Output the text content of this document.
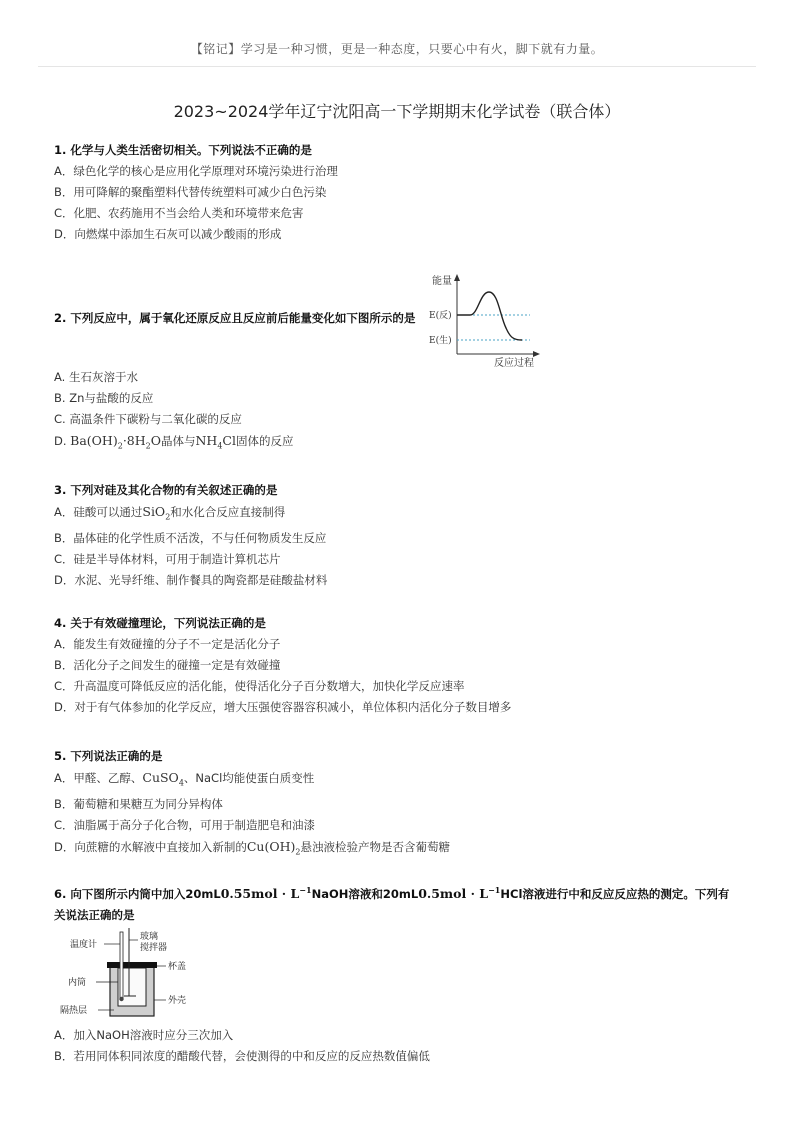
【铭记】学习是一种习惯，更是一种态度，只要心中有火，脚下就有力量。
2023~2024学年辽宁沈阳高一下学期期末化学试卷（联合体）
1. 化学与人类生活密切相关。下列说法不正确的是
A．绿色化学的核心是应用化学原理对环境污染进行治理
B．用可降解的聚酯塑料代替传统塑料可减少白色污染
C．化肥、农药施用不当会给人类和环境带来危害
D．向燃煤中添加生石灰可以减少酸雨的形成
2. 下列反应中，属于氧化还原反应且反应前后能量变化如下图所示的是
能量
E(反)
E(生)
反应过程
A. 生石灰溶于水
B. Zn与盐酸的反应
C. 高温条件下碳粉与二氧化碳的反应
D. $Ba(OH)_2\cdot 8H_2O$晶体与$NH_4Cl$固体的反应
3. 下列对硅及其化合物的有关叙述正确的是
A．硅酸可以通过SiO$_2$和水化合反应直接制得
B．晶体硅的化学性质不活泼，不与任何物质发生反应
C．硅是半导体材料，可用于制造计算机芯片
D．水泥、光导纤维、制作餐具的陶瓷都是硅酸盐材料
4. 关于有效碰撞理论，下列说法正确的是
A．能发生有效碰撞的分子不一定是活化分子
B．活化分子之间发生的碰撞一定是有效碰撞
C．升高温度可降低反应的活化能，使得活化分子百分数增大，加快化学反应速率
D．对于有气体参加的化学反应，增大压强使容器容积减小，单位体积内活化分子数目增多
5. 下列说法正确的是
A．甲醛、乙醇、CuSO$_4$、NaCl均能使蛋白质变性
B．葡萄糖和果糖互为同分异构体
C．油脂属于高分子化合物，可用于制造肥皂和油漆
D．向蔗糖的水解液中直接加入新制的$Cu(OH)_2$悬浊液检验产物是否含葡萄糖
6. 向下图所示内筒中加入$20mL0.55mol \cdot L^{-1}NaOH$溶液和$20mL0.5mol \cdot L^{-1}HCl$溶液进行中和反应反应热的测定。下列有
关说法正确的是
温度计
玻璃
搅拌器
杯盖
内筒
外壳
隔热层
A．加入NaOH溶液时应分三次加入
B．若用同体积同浓度的醋酸代替，会使测得的中和反应的反应热数值偏低
